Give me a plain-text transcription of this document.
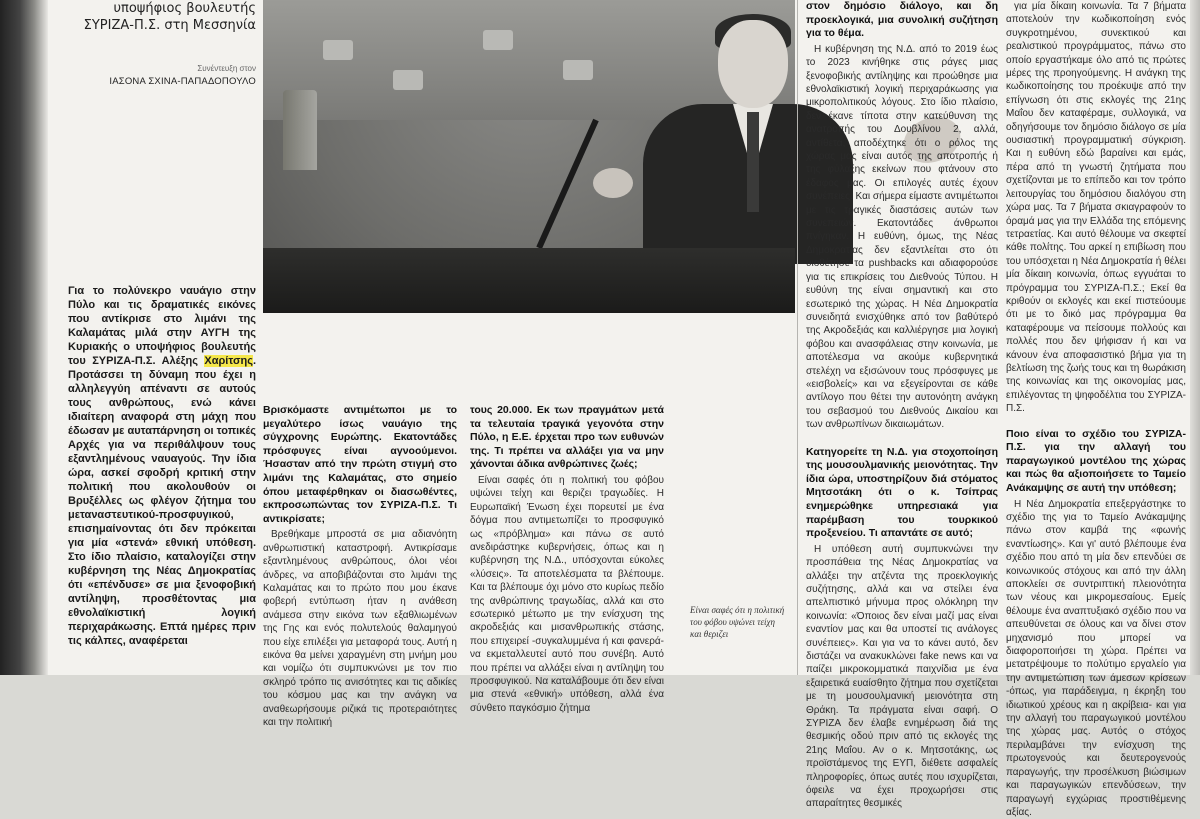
υποψήφιος βουλευτής

ΣΥΡΙΖΑ-Π.Σ. στη Μεσσηνία

Συνέντευξη στον
ΙΑΣΟΝΑ ΣΧΙΝΑ-ΠΑΠΑΔΟΠΟΥΛΟ
Για το πολύνεκρο ναυάγιο στην Πύλο και τις δραματικές εικόνες που αντίκρισε στο λιμάνι της Καλαμάτας μιλά στην ΑΥΓΗ της Κυριακής ο υποψήφιος βουλευτής του ΣΥΡΙΖΑ-Π.Σ. Αλέξης Χαρίτσης. Προτάσσει τη δύναμη που έχει η αλληλεγγύη απέναντι σε αυτούς τους ανθρώπους, ενώ κάνει ιδιαίτερη αναφορά στη μάχη που έδωσαν με αυταπάρνηση οι τοπικές Αρχές για να περιθάλψουν τους εξαντλημένους ναυαγούς. Την ίδια ώρα, ασκεί σφοδρή κριτική στην πολιτική που ακολουθούν οι Βρυξέλλες ως φλέγον ζήτημα του μεταναστευτικού-προσφυγικού, επισημαίνοντας ότι δεν πρόκειται για μία «στενά» εθνική υπόθεση. Στο ίδιο πλαίσιο, καταλογίζει στην κυβέρνηση της Νέας Δημοκρατίας ότι «επένδυσε» σε μια ξενοφοβική αντίληψη, προσθέτοντας μια εθνολαϊκιστική λογική περιχαράκωσης. Επτά ημέρες πριν τις κάλπες, αναφέρεται

Βρισκόμαστε αντιμέτωποι με το μεγαλύτερο ίσως ναυάγιο της σύγχρονης Ευρώπης. Εκατοντάδες πρόσφυγες είναι αγνοούμενοι. Ήσασταν από την πρώτη στιγμή στο λιμάνι της Καλαμάτας, στο σημείο όπου μεταφέρθηκαν οι διασωθέντες, εκπροσωπώντας τον ΣΥΡΙΖΑ-Π.Σ. Τι αντικρίσατε;

Βρεθήκαμε μπροστά σε μια αδιανόητη ανθρωπιστική καταστροφή. Αντικρίσαμε εξαντλημένους ανθρώπους, όλοι νέοι άνδρες, να αποβιβάζονται στο λιμάνι της Καλαμάτας και το πρώτο που μου έκανε φοβερή εντύπωση ήταν η ανάθεση ανάμεσα στην εικόνα των εξαθλιωμένων της Γης και ενός πολυτελούς θαλαμηγού που είχε επιλέξει για μεταφορά τους. Αυτή η εικόνα θα μείνει χαραγμένη στη μνήμη μου και νομίζω ότι συμπυκνώνει με τον πιο σκληρό τρόπο τις ανισότητες και τις αδικίες του κόσμου μας και την ανάγκη να αναθεωρήσουμε ριζικά τις προτεραιότητες και την πολιτική

τους 20.000. Εκ των πραγμάτων μετά τα τελευταία τραγικά γεγονότα στην Πύλο, η Ε.Ε. έρχεται προ των ευθυνών της. Τι πρέπει να αλλάξει για να μην χάνονται άδικα ανθρώπινες ζωές;

Είναι σαφές ότι η πολιτική του φόβου υψώνει τείχη και θεριζει τραγωδίες. Η Ευρωπαϊκή Ένωση έχει πορευτεί με ένα δόγμα που αντιμετωπίζει το προσφυγικό ως «πρόβλημα» και πάνω σε αυτό ανεδιράστηκε κυβερνήσεις, όπως και η κυβέρνηση της Ν.Δ., υπόσχονται εύκολες «λύσεις». Τα αποτελέσματα τα βλέπουμε. Και τα βλέπουμε όχι μόνο στο κυρίως πεδίο της ανθρώπινης τραγωδίας, αλλά και στο εσωτερικό μέτωπο με την ενίσχυση της ακροδεξιάς και μισανθρωπικής στάσης, που επιχειρεί -συγκαλυμμένα ή και φανερά- να εκμεταλλευτεί αυτό που συνέβη. Αυτό που πρέπει να αλλάξει είναι η αντίληψη του προσφυγικού. Να καταλάβουμε ότι δεν είναι μια στενά «εθνική» υπόθεση, αλλά ένα σύνθετο παγκόσμιο ζήτημα

Είναι σαφές ότι η πολιτική του φόβου υψώνει τείχη και θεριζει

στον δημόσιο διάλογο, και δη προεκλογικά, μια συνολική συζήτηση για το θέμα.

Η κυβέρνηση της Ν.Δ. από το 2019 έως το 2023 κινήθηκε στις ράγες μιας ξενοφοβικής αντίληψης και προώθησε μια εθνολαϊκιστική λογική περιχαράκωσης για μικροπολιτικούς λόγους. Στο ίδιο πλαίσιο, δεν έκανε τίποτα στην κατεύθυνση της ανατροπής του Δουβλίνου 2, αλλά, αντίθετα, αποδέχτηκε ότι ο ρόλος της χώρας μας είναι αυτός της αποτροπής ή της φύλαξης εκείνων που φτάνουν στο έδαφος μας. Οι επιλογές αυτές έχουν συνέπειες. Και σήμερα είμαστε αντιμέτωποι με τις τραγικές διαστάσεις αυτών των συνεπειών. Εκατοντάδες άνθρωποι πνίγηκαν. Η ευθύνη, όμως, της Νέας Δημοκρατίας δεν εξαντλείται στο ότι υιοθέτησε τα pushbacks και αδιαφορούσε για τις επικρίσεις του Διεθνούς Τύπου. Η ευθύνη της είναι σημαντική και στο εσωτερικό της χώρας. Η Νέα Δημοκρατία συνειδητά ενισχύθηκε από τον βαθύτερό της Ακροδεξιάς και καλλιέργησε μια λογική φόβου και ανασφάλειας στην κοινωνία, με αποτέλεσμα να ακούμε κυβερνητικά στελέχη να εξισώνουν τους πρόσφυγες με «εισβολείς» και να εξεγείρονται σε κάθε αντίλογο που θέτει την αυτονόητη ανάγκη του σεβασμού του Διεθνούς Δικαίου και των ανθρωπίνων δικαιωμάτων.

Κατηγορείτε τη Ν.Δ. για στοχοποίηση της μουσουλμανικής μειονότητας. Την ίδια ώρα, υποστηρίζουν διά στόματος Μητσοτάκη ότι ο κ. Τσίπρας ενημερώθηκε υπηρεσιακά για παρέμβαση του τουρκικού προξενείου. Τι απαντάτε σε αυτό;

Η υπόθεση αυτή συμπυκνώνει την προσπάθεια της Νέας Δημοκρατίας να αλλάξει την ατζέντα της προεκλογικής συζήτησης, αλλά και να στείλει ένα απελπιστικό μήνυμα προς ολόκληρη την κοινωνία: «Όποιος δεν είναι μαζί μας είναι εναντίον μας και θα υποστεί τις ανάλογες συνέπειες». Και για να το κάνει αυτό, δεν διστάζει να ανακυκλώνει fake news και να παίζει μικροκομματικά παιχνίδια με ένα εξαιρετικά ευαίσθητο ζήτημα που σχετίζεται με τη μουσουλμανική μειονότητα στη Θράκη. Τα πράγματα είναι σαφή. Ο ΣΥΡΙΖΑ δεν έλαβε ενημέρωση διά της θεσμικής οδού πριν από τις εκλογές της 21ης Μαΐου. Αν ο κ. Μητσοτάκης, ως προϊστάμενος της ΕΥΠ, διέθετε ασφαλείς πληροφορίες, όπως αυτές που ισχυρίζεται, όφειλε να έχει προχωρήσει στις απαραίτητες θεσμικές

για μία δίκαιη κοινωνία. Τα 7 βήματα αποτελούν την κωδικοποίηση ενός συγκροτημένου, συνεκτικού και ρεαλιστικού προγράμματος, πάνω στο οποίο εργαστήκαμε όλο από τις πρώτες μέρες της προηγούμενης. Η ανάγκη της κωδικοποίησης του προέκυψε από την επίγνωση ότι στις εκλογές της 21ης Μαΐου δεν καταφέραμε, συλλογικά, να οδηγήσουμε τον δημόσιο διάλογο σε μία ουσιαστική προγραμματική σύγκριση. Και η ευθύνη εδώ βαραίνει και εμάς, πέρα από τη γνωστή ζητήματα που σχετίζονται με το επίπεδο και τον τρόπο λειτουργίας του δημόσιου διαλόγου στη χώρα μας. Τα 7 βήματα σκιαγραφούν το όραμά μας για την Ελλάδα της επόμενης τετραετίας. Και αυτό θέλουμε να σκεφτεί κάθε πολίτης. Του αρκεί η επιβίωση που του υπόσχεται η Νέα Δημοκρατία ή θέλει μία δίκαιη κοινωνία, όπως εγγυάται το πρόγραμμα του ΣΥΡΙΖΑ-Π.Σ.; Εκεί θα κριθούν οι εκλογές και εκεί πιστεύουμε ότι με το δικό μας πρόγραμμα θα καταφέρουμε να πείσουμε πολλούς και πολλές που δεν ψήφισαν ή και να κάνουν ένα αποφασιστικό βήμα για τη βελτίωση της ζωής τους και τη θωράκιση της κοινωνίας και της οικονομίας μας, επιλέγοντας τη ψηφοδέλτια του ΣΥΡΙΖΑ-Π.Σ.

Ποιο είναι το σχέδιο του ΣΥΡΙΖΑ-Π.Σ. για την αλλαγή του παραγωγικού μοντέλου της χώρας και πώς θα αξιοποιήσετε το Ταμείο Ανάκαμψης σε αυτή την υπόθεση;

Η Νέα Δημοκρατία επεξεργάστηκε το σχέδιο της για το Ταμείο Ανάκαμψης πάνω στον καμβά της «φωνής εναντίωσης». Και γι' αυτό βλέπουμε ένα σχέδιο που από τη μία δεν επενδύει σε κοινωνικούς στόχους και από την άλλη αποκλείει σε συντριπτική πλειονότητα των νέους και μικρομεσαίους. Εμείς θέλουμε ένα αναπτυξιακό σχέδιο που να απευθύνεται σε όλους και να δίνει στον μηχανισμό που μπορεί να διαφοροποιήσει τη χώρα. Πρέπει να μετατρέψουμε το πολύτιμο εργαλείο για την αντιμετώπιση των άμεσων κρίσεων -όπως, για παράδειγμα, η έκρηξη του ιδιωτικού χρέους και η ακρίβεια- και για την αλλαγή του παραγωγικού μοντέλου της χώρας μας. Αυτός ο στόχος περιλαμβάνει την ενίσχυση της πρωτογενούς και δευτερογενούς παραγωγής, την προσέλκυση βιώσιμων και παραγωγικών επενδύσεων, την παραγωγή εγχώριας προστιθέμενης αξίας.
